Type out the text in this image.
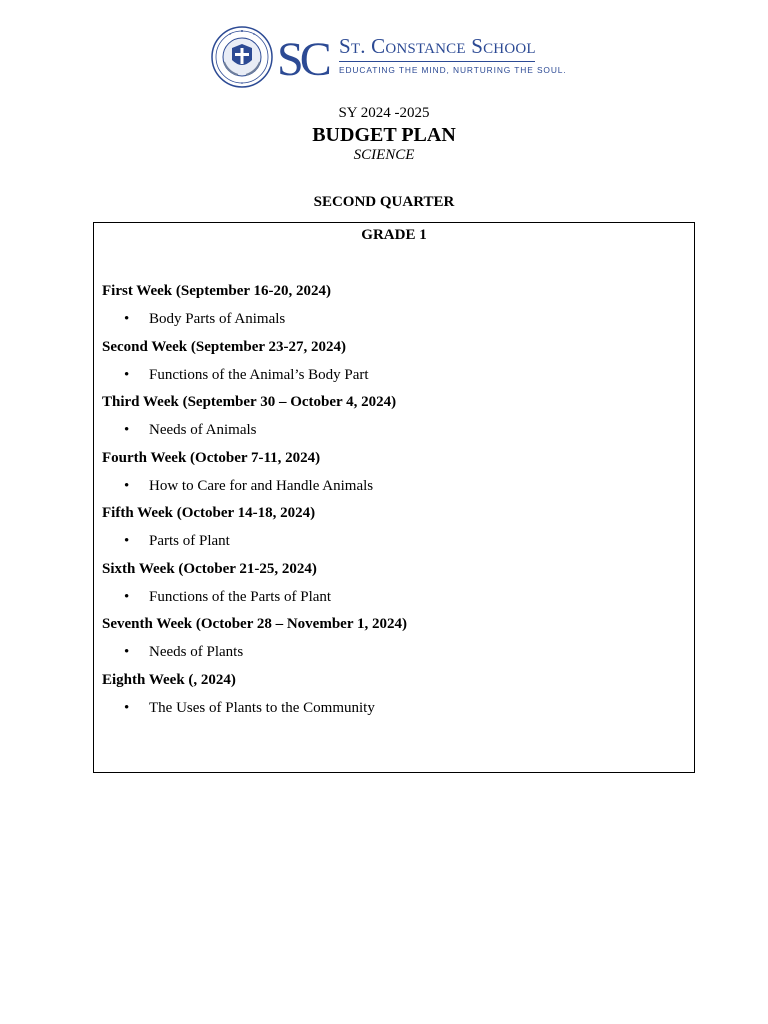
SC St. Constance School
EDUCATING THE MIND, NURTURING THE SOUL.
SY 2024 -2025
BUDGET PLAN
SCIENCE
SECOND QUARTER
GRADE 1
First Week (September 16-20, 2024)
• Body Parts of Animals
Second Week (September 23-27, 2024)
• Functions of the Animal’s Body Part
Third Week (September 30 – October 4, 2024)
• Needs of Animals
Fourth Week (October 7-11, 2024)
• How to Care for and Handle Animals
Fifth Week (October 14-18, 2024)
• Parts of Plant
Sixth Week (October 21-25, 2024)
• Functions of the Parts of Plant
Seventh Week (October 28 – November 1, 2024)
• Needs of Plants
Eighth Week (, 2024)
• The Uses of Plants to the Community
